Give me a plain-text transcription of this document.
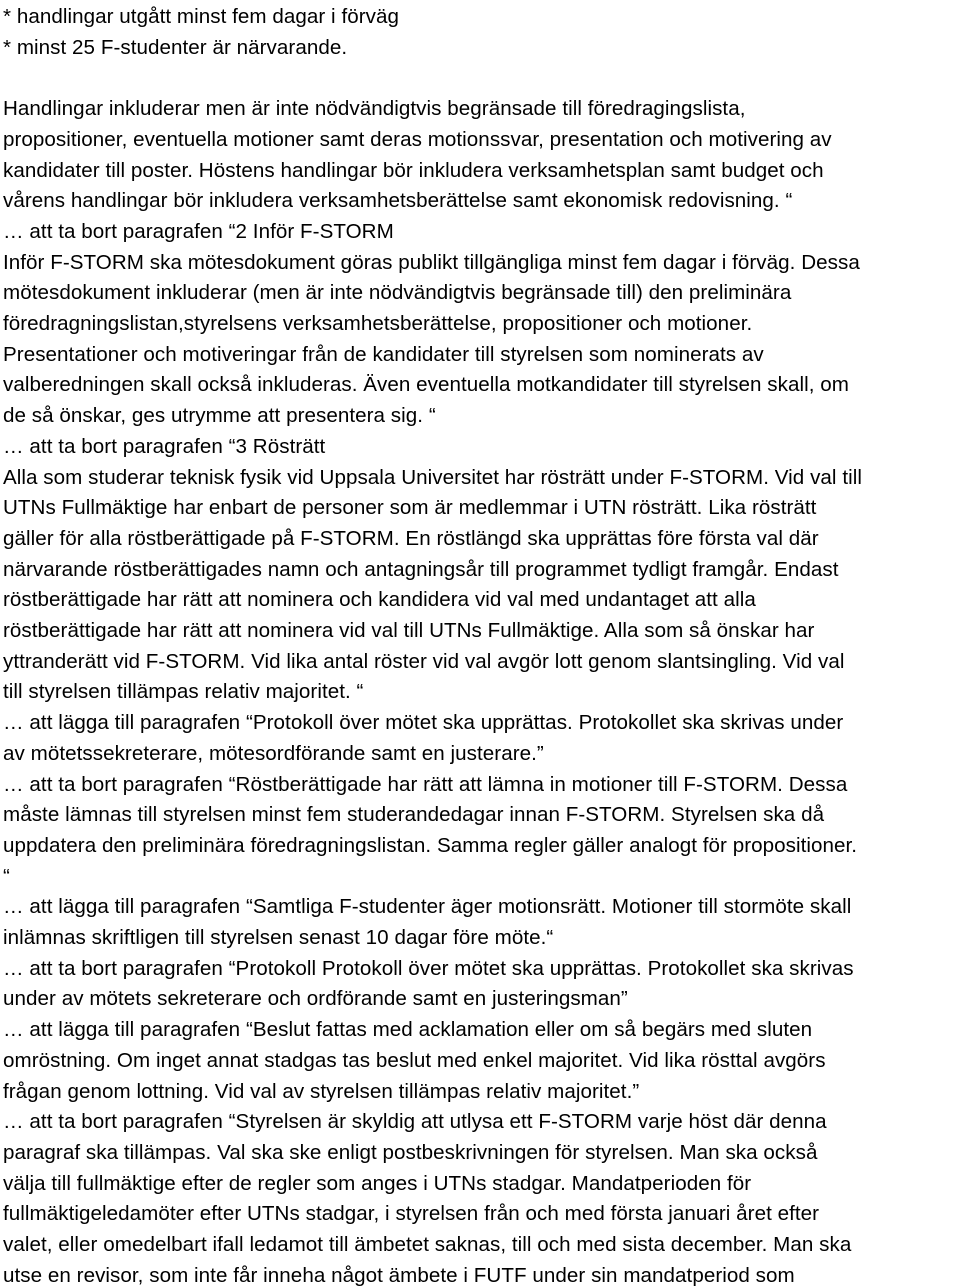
* handlingar utgått minst fem dagar i förväg

* minst 25 F-studenter är närvarande.

Handlingar inkluderar men är inte nödvändigtvis begränsade till föredragingslista,

propositioner, eventuella motioner samt deras motionssvar, presentation och motivering av

kandidater till poster. Höstens handlingar bör inkludera verksamhetsplan samt budget och

vårens handlingar bör inkludera verksamhetsberättelse samt ekonomisk redovisning. “

… att ta bort paragrafen “2 Inför F-STORM

Inför F-STORM ska mötesdokument göras publikt tillgängliga minst fem dagar i förväg. Dessa

mötesdokument inkluderar (men är inte nödvändigtvis begränsade till) den preliminära

föredragningslistan,styrelsens verksamhetsberättelse, propositioner och motioner.

Presentationer och motiveringar från de kandidater till styrelsen som nominerats av

valberedningen skall också inkluderas. Även eventuella motkandidater till styrelsen skall, om

de så önskar, ges utrymme att presentera sig. “

… att ta bort paragrafen “3 Rösträtt

Alla som studerar teknisk fysik vid Uppsala Universitet har rösträtt under F-STORM. Vid val till

UTNs Fullmäktige har enbart de personer som är medlemmar i UTN rösträtt. Lika rösträtt

gäller för alla röstberättigade på F-STORM. En röstlängd ska upprättas före första val där

närvarande röstberättigades namn och antagningsår till programmet tydligt framgår. Endast

röstberättigade har rätt att nominera och kandidera vid val med undantaget att alla

röstberättigade har rätt att nominera vid val till UTNs Fullmäktige. Alla som så önskar har

yttranderätt vid F-STORM. Vid lika antal röster vid val avgör lott genom slantsingling. Vid val

till styrelsen tillämpas relativ majoritet. “

… att lägga till paragrafen “Protokoll över mötet ska upprättas. Protokollet ska skrivas under

av mötetssekreterare, mötesordförande samt en justerare.”

… att ta bort paragrafen “Röstberättigade har rätt att lämna in motioner till F-STORM. Dessa

måste lämnas till styrelsen minst fem studerandedagar innan F-STORM. Styrelsen ska då

uppdatera den preliminära föredragningslistan. Samma regler gäller analogt för propositioner.

“

… att lägga till paragrafen “Samtliga F-studenter äger motionsrätt. Motioner till stormöte skall

inlämnas skriftligen till styrelsen senast 10 dagar före möte.“

… att ta bort paragrafen “Protokoll Protokoll över mötet ska upprättas. Protokollet ska skrivas

under av mötets sekreterare och ordförande samt en justeringsman”

… att lägga till paragrafen “Beslut fattas med acklamation eller om så begärs med sluten

omröstning. Om inget annat stadgas tas beslut med enkel majoritet. Vid lika rösttal avgörs

frågan genom lottning. Vid val av styrelsen tillämpas relativ majoritet.”

… att ta bort paragrafen “Styrelsen är skyldig att utlysa ett F-STORM varje höst där denna

paragraf ska tillämpas. Val ska ske enligt postbeskrivningen för styrelsen. Man ska också

välja till fullmäktige efter de regler som anges i UTNs stadgar. Mandatperioden för

fullmäktigeledamöter efter UTNs stadgar, i styrelsen från och med första januari året efter

valet, eller omedelbart ifall ledamot till ämbetet saknas, till och med sista december. Man ska

utse en revisor, som inte får inneha något ämbete i FUTF under sin mandatperiod som
